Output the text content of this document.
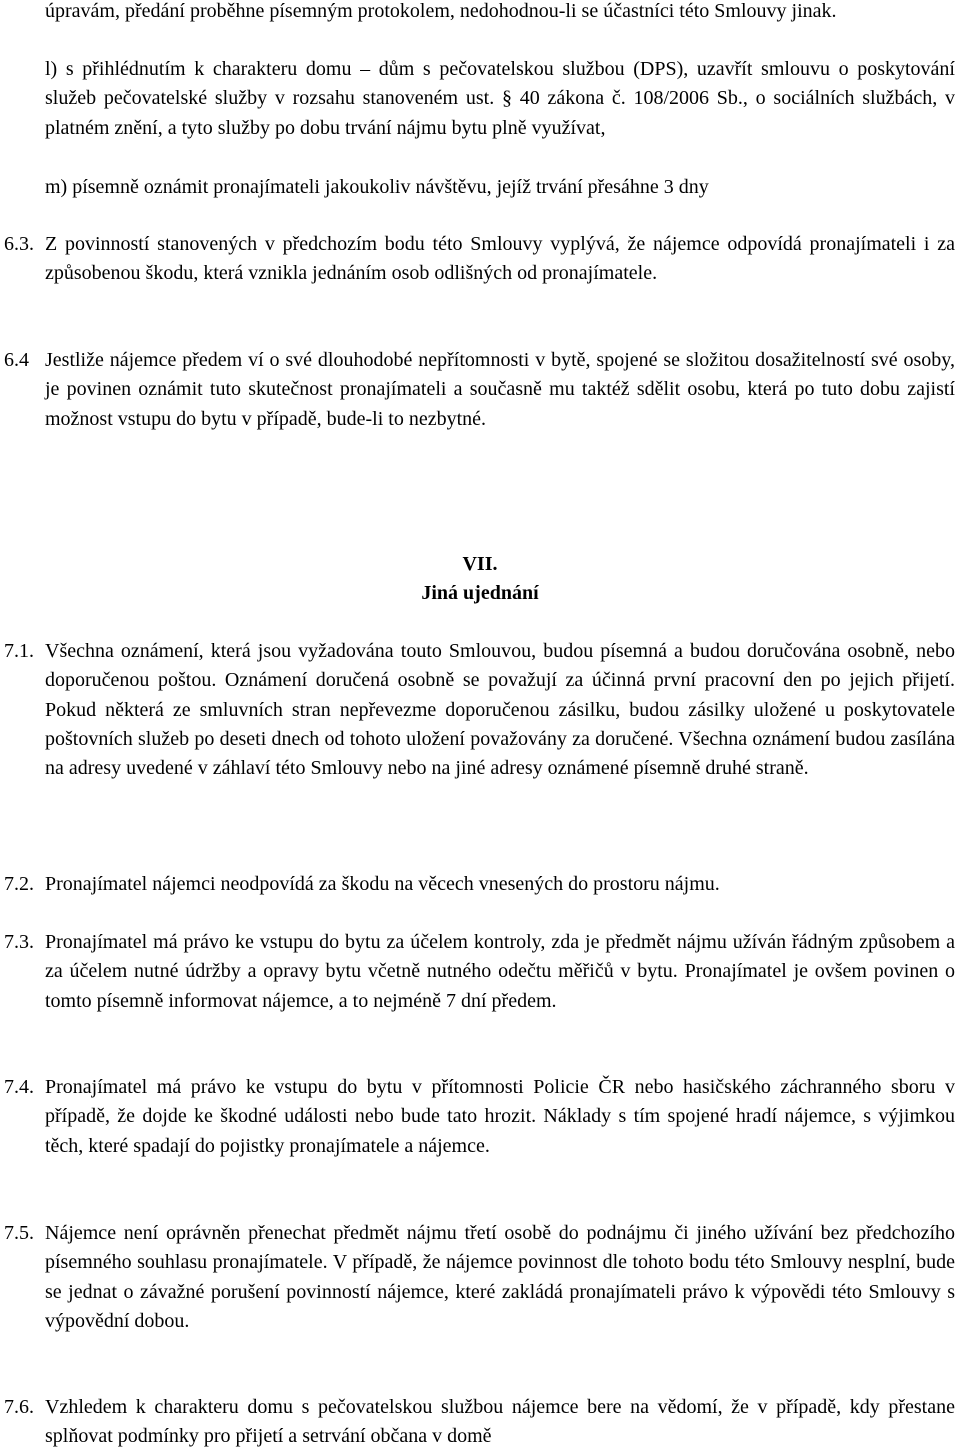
úpravám, předání proběhne písemným protokolem, nedohodnou-li se účastníci této Smlouvy jinak.

l) s přihlédnutím k charakteru domu – dům s pečovatelskou službou (DPS), uzavřít smlouvu o poskytování služeb pečovatelské služby v rozsahu stanoveném ust. § 40 zákona č. 108/2006 Sb., o sociálních službách, v platném znění, a tyto služby po dobu trvání nájmu bytu plně využívat,

m) písemně oznámit pronajímateli jakoukoliv návštěvu, jejíž trvání přesáhne 3 dny

6.3. Z povinností stanovených v předchozím bodu této Smlouvy vyplývá, že nájemce odpovídá pronajímateli i za způsobenou škodu, která vznikla jednáním osob odlišných od pronajímatele.
6.4 Jestliže nájemce předem ví o své dlouhodobé nepřítomnosti v bytě, spojené se složitou dosažitelností své osoby, je povinen oznámit tuto skutečnost pronajímateli a současně mu taktéž sdělit osobu, která po tuto dobu zajistí možnost vstupu do bytu v případě, bude-li to nezbytné.

VII.

Jiná ujednání

7.1. Všechna oznámení, která jsou vyžadována touto Smlouvou, budou písemná a budou doručována osobně, nebo doporučenou poštou. Oznámení doručená osobně se považují za účinná první pracovní den po jejich přijetí. Pokud některá ze smluvních stran nepřevezme doporučenou zásilku, budou zásilky uložené u poskytovatele poštovních služeb po deseti dnech od tohoto uložení považovány za doručené. Všechna oznámení budou zasílána na adresy uvedené v záhlaví této Smlouvy nebo na jiné adresy oznámené písemně druhé straně.
7.2. Pronajímatel nájemci neodpovídá za škodu na věcech vnesených do prostoru nájmu.
7.3. Pronajímatel má právo ke vstupu do bytu za účelem kontroly, zda je předmět nájmu užíván řádným způsobem a za účelem nutné údržby a opravy bytu včetně nutného odečtu měřičů v bytu. Pronajímatel je ovšem povinen o tomto písemně informovat nájemce, a to nejméně 7 dní předem.
7.4. Pronajímatel má právo ke vstupu do bytu v přítomnosti Policie ČR nebo hasičského záchranného sboru v případě, že dojde ke škodné události nebo bude tato hrozit. Náklady s tím spojené hradí nájemce, s výjimkou těch, které spadají do pojistky pronajímatele a nájemce.
7.5. Nájemce není oprávněn přenechat předmět nájmu třetí osobě do podnájmu či jiného užívání bez předchozího písemného souhlasu pronajímatele. V případě, že nájemce povinnost dle tohoto bodu této Smlouvy nesplní, bude se jednat o závažné porušení povinností nájemce, které zakládá pronajímateli právo k výpovědi této Smlouvy s výpovědní dobou.
7.6. Vzhledem k charakteru domu s pečovatelskou službou nájemce bere na vědomí, že v případě, kdy přestane splňovat podmínky pro přijetí a setrvání občana v domě
